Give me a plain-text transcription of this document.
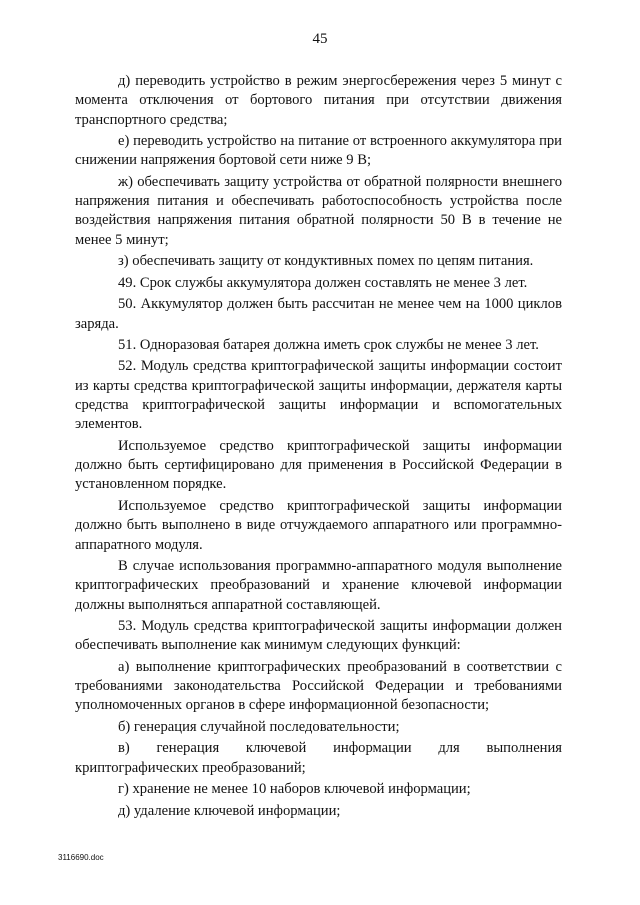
45

д) переводить устройство в режим энергосбережения через 5 минут с момента отключения от бортового питания при отсутствии движения транспортного средства;

е) переводить устройство на питание от встроенного аккумулятора при снижении напряжения бортовой сети ниже 9 В;

ж) обеспечивать защиту устройства от обратной полярности внешнего напряжения питания и обеспечивать работоспособность устройства после воздействия напряжения питания обратной полярности 50 В в течение не менее 5 минут;

з) обеспечивать защиту от кондуктивных помех по цепям питания.

49. Срок службы аккумулятора должен составлять не менее 3 лет.

50. Аккумулятор должен быть рассчитан не менее чем на 1000 циклов заряда.

51. Одноразовая батарея должна иметь срок службы не менее 3 лет.

52. Модуль средства криптографической защиты информации состоит из карты средства криптографической защиты информации, держателя карты средства криптографической защиты информации и вспомогательных элементов.

Используемое средство криптографической защиты информации должно быть сертифицировано для применения в Российской Федерации в установленном порядке.

Используемое средство криптографической защиты информации должно быть выполнено в виде отчуждаемого аппаратного или программно-аппаратного модуля.

В случае использования программно-аппаратного модуля выполнение криптографических преобразований и хранение ключевой информации должны выполняться аппаратной составляющей.

53. Модуль средства криптографической защиты информации должен обеспечивать выполнение как минимум следующих функций:

а) выполнение криптографических преобразований в соответствии с требованиями законодательства Российской Федерации и требованиями уполномоченных органов в сфере информационной безопасности;

б) генерация случайной последовательности;

в) генерация ключевой информации для выполнения криптографических преобразований;

г) хранение не менее 10 наборов ключевой информации;

д) удаление ключевой информации;

3116690.doc
